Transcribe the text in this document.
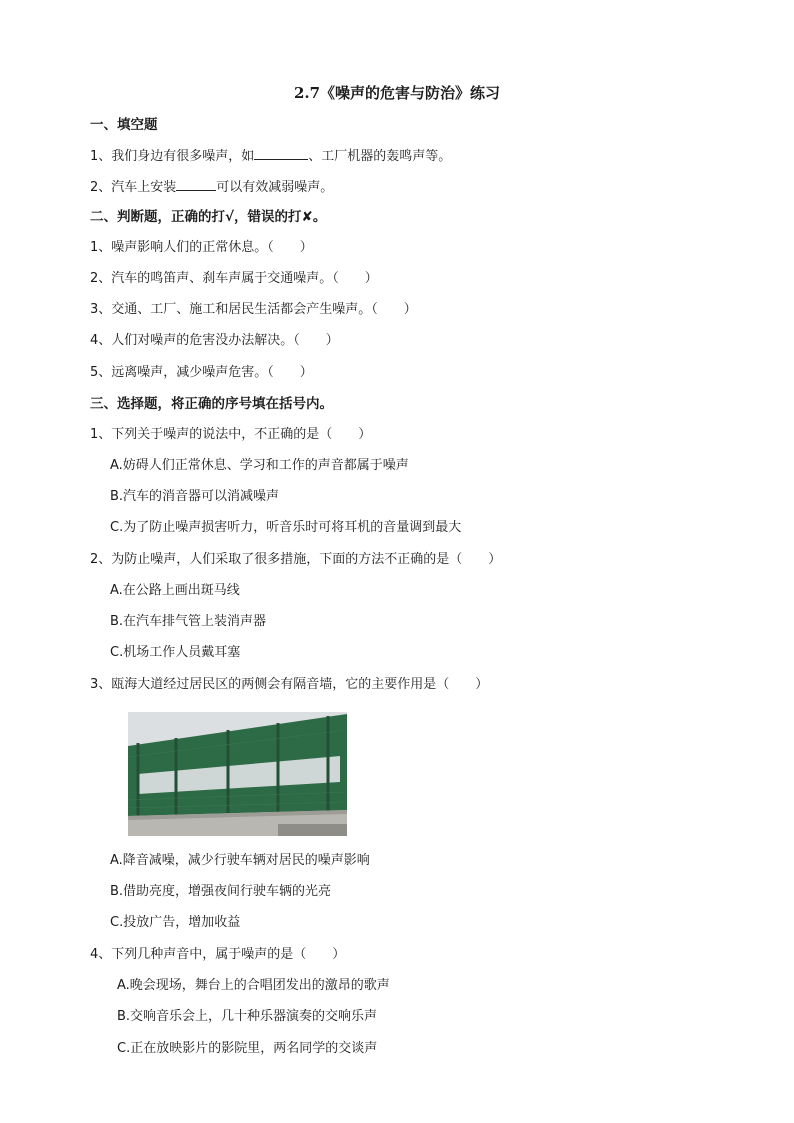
2.7《噪声的危害与防治》练习
一、填空题
1、我们身边有很多噪声，如	、工厂机器的轰鸣声等。
2、汽车上安装	可以有效减弱噪声。
二、判断题，正确的打√，错误的打✘。
1、噪声影响人们的正常休息。（　　）
2、汽车的鸣笛声、刹车声属于交通噪声。（　　）
3、交通、工厂、施工和居民生活都会产生噪声。（　　）
4、人们对噪声的危害没办法解决。（　　）
5、远离噪声，减少噪声危害。（　　）
三、选择题，将正确的序号填在括号内。
1、下列关于噪声的说法中，不正确的是（　　）
A.妨碍人们正常休息、学习和工作的声音都属于噪声
B.汽车的消音器可以消减噪声
C.为了防止噪声损害听力，听音乐时可将耳机的音量调到最大
2、为防止噪声，人们采取了很多措施，下面的方法不正确的是（　　）
A.在公路上画出斑马线
B.在汽车排气管上装消声器
C.机场工作人员戴耳塞
3、瓯海大道经过居民区的两侧会有隔音墙，它的主要作用是（　　）
A.降音减噪，减少行驶车辆对居民的噪声影响
B.借助亮度，增强夜间行驶车辆的光亮
C.投放广告，增加收益
4、下列几种声音中，属于噪声的是（　　）
A.晚会现场，舞台上的合唱团发出的激昂的歌声
B.交响音乐会上，几十种乐器演奏的交响乐声
C.正在放映影片的影院里，两名同学的交谈声
